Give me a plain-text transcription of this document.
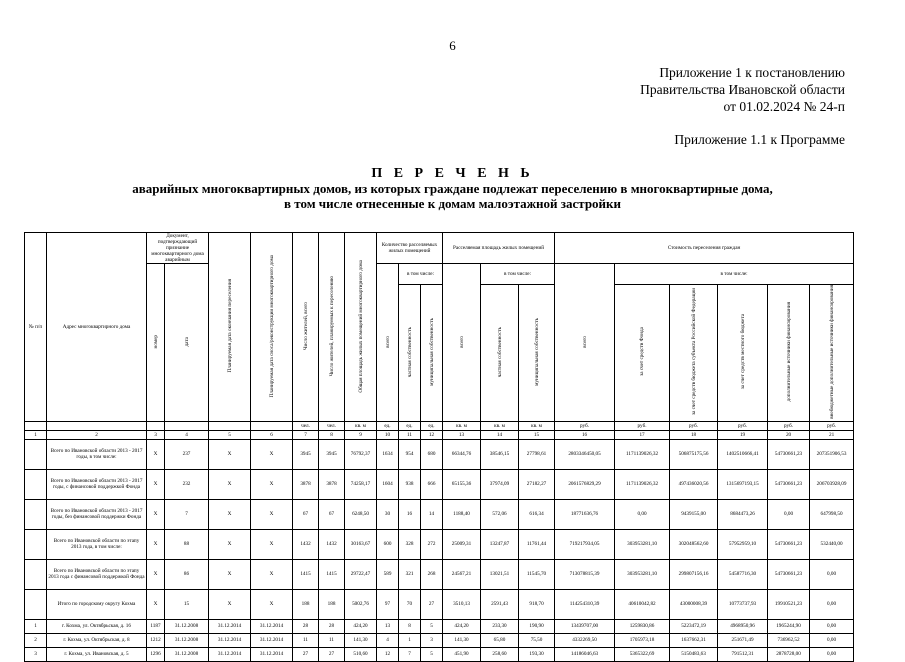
6
Приложение 1 к постановлению
Правительства Ивановской области
от 01.02.2024 № 24-п
Приложение 1.1 к Программе
П Е Р Е Ч Е Н Ь
аварийных многоквартирных домов, из которых граждане подлежат переселению в многоквартирные дома,
в том числе отнесенные к домам малоэтажной застройки
№ п/п	Адрес многоквартирного дома	Документ, подтверждающий признание многоквартирного дома аварийным		Планируемая дата окончания переселения	Планируемая дата сноса/реконструкции многоквартирного дома	Число жителей, всего	Число жителей, планируемых к переселению	Общая площадь жилых помещений многоквартирного дома	Количество расселяемых жилых помещений			Расселяемая площадь жилых помещений			Стоимость переселения граждан					
		номер	дата						всего	в том числе:		всего	в том числе:		всего	в том числе:				
										частная собственность	муниципальная собственность		частная собственность	муниципальная собственность		за счет средств Фонда	за счет средств бюджета субъекта Российской Федерации	за счет средств местного бюджета	дополнительные источники финансирования	внебюджетные дополнительные источники финансирования
						чел.	чел.	кв. м	ед.	ед.	ед.	кв. м	кв. м	кв. м	руб.	руб.	руб.	руб.	руб.	руб.
1	2	3	4	5	6	7	8	9	10	11	12	13	14	15	16	17	18	19	20	21
	Всего по Ивановской области 2013 - 2017 годы, в том числе:	X	237	X	X	3945	3945	76792,37	1634	954	680	66344,76	38546,15	27798,61	2803346450,05	1171139026,32	506875175,56	1402510666,41	54730661,23	207351906,53
	Всего по Ивановской области 2013 - 2017 годы, с финансовой поддержкой Фонда	X	232	X	X	3878	3878	74258,17	1604	938	666	65155,36	37974,09	27182,27	2061576829,29	1171139026,32	497436020,56	1315697193,15	54730661,23	206703928,09
	Всего по Ивановской области 2013 - 2017 годы, без финансовой поддержки Фонда	X	7	X	X	67	67	6248,50	30	16	14	1188,40	572,06	616,34	18771636,76	0,00	9439155,00	8684473,26	0,00	647998,50
	Всего по Ивановской области по этапу 2013 года, в том числе:	X	88	X	X	1432	1432	30163,67	600	328	272	25009,31	13247,87	11761,44	719217934,05	303953281,10	302048562,60	57952959,10	54730661,23	532440,00
	Всего по Ивановской области по этапу 2013 года с финансовой поддержкой Фонда	X	86	X	X	1415	1415	29722,47	589	321	268	24567,21	13021,51	11545,70	713078815,39	303953281,10	299807156,16	54587716,30	54730661,23	0,00
	Итого по городскому округу Кохма	X	15	X	X	188	188	5002,76	97	70	27	3510,13	2591,43	918,70	114254310,39	40610042,82	43000008,39	10773737,93	19910521,23	0,00
1	г. Кохма, ул. Октябрьская, д. 16	1187	31.12.2008	31.12.2014	31.12.2014	28	28	424,20	13	8	5	424,20	233,30	190,90	13439707,00	1259830,86	5223472,19	4968950,96	1965244,90	0,00
2	г. Кохма, ул. Октябрьская, д. 8	1212	31.12.2008	31.12.2014	31.12.2014	11	11	141,30	4	1	3	141,30	65,80	75,50	4332269,50	1705973,18	1637662,31	251671,49	736962,52	0,00
3	г. Кохма, ул. Ивановская, д. 5	1296	31.12.2008	31.12.2014	31.12.2014	27	27	510,60	12	7	5	451,90	258,60	193,30	14186046,63	5365322,69	5150483,63	791512,31	2878728,00	0,00
